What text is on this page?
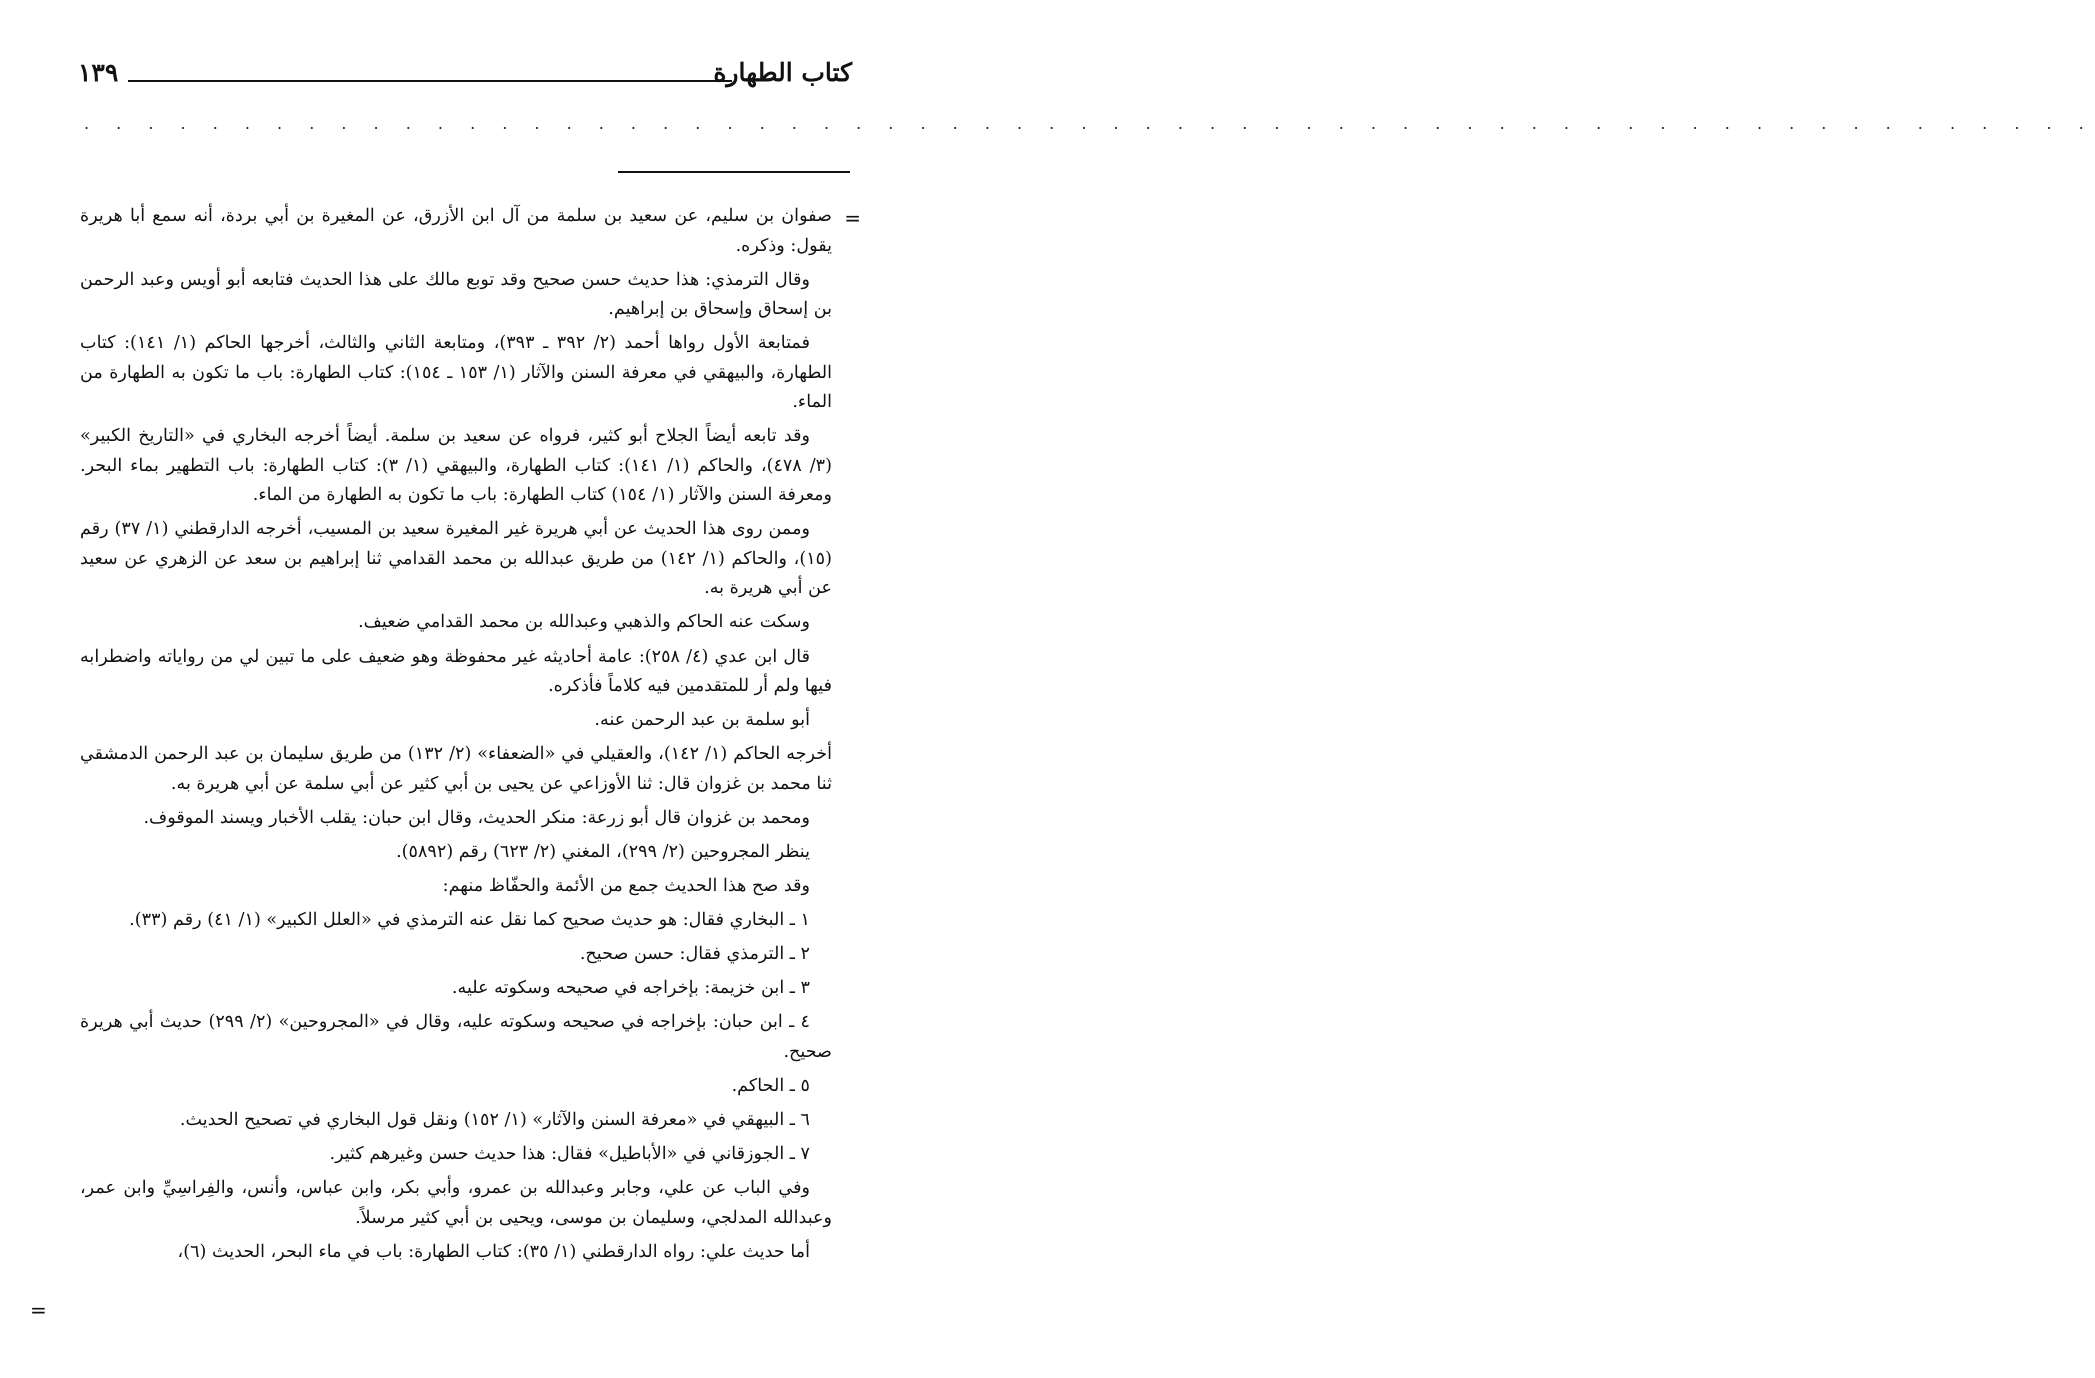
كتاب الطهارة
١٣٩
. . . . . . . . . . . . . . . . . . . . . . . . . . . . . . . . . . . . . . . . . . . . . . . . . . . . . . . . . . . . . . .
=
=

صفوان بن سليم، عن سعيد بن سلمة من آل ابن الأزرق، عن المغيرة بن أبي بردة، أنه سمع أبا هريرة يقول: وذكره.

وقال الترمذي: هذا حديث حسن صحيح وقد توبع مالك على هذا الحديث فتابعه أبو أويس وعبد الرحمن بن إسحاق وإسحاق بن إبراهيم.

فمتابعة الأول رواها أحمد (٢/ ٣٩٢ ـ ٣٩٣)، ومتابعة الثاني والثالث، أخرجها الحاكم (١/ ١٤١): كتاب الطهارة، والبيهقي في معرفة السنن والآثار (١/ ١٥٣ ـ ١٥٤): كتاب الطهارة: باب ما تكون به الطهارة من الماء.

وقد تابعه أيضاً الجلاح أبو كثير، فرواه عن سعيد بن سلمة. أيضاً أخرجه البخاري في «التاريخ الكبير» (٣/ ٤٧٨)، والحاكم (١/ ١٤١): كتاب الطهارة، والبيهقي (١/ ٣): كتاب الطهارة: باب التطهير بماء البحر. ومعرفة السنن والآثار (١/ ١٥٤) كتاب الطهارة: باب ما تكون به الطهارة من الماء.

وممن روى هذا الحديث عن أبي هريرة غير المغيرة سعيد بن المسيب، أخرجه الدارقطني (١/ ٣٧) رقم (١٥)، والحاكم (١/ ١٤٢) من طريق عبدالله بن محمد القدامي ثنا إبراهيم بن سعد عن الزهري عن سعيد عن أبي هريرة به.

وسكت عنه الحاكم والذهبي وعبدالله بن محمد القدامي ضعيف.

قال ابن عدي (٤/ ٢٥٨): عامة أحاديثه غير محفوظة وهو ضعيف على ما تبين لي من رواياته واضطرابه فيها ولم أر للمتقدمين فيه كلاماً فأذكره.

أبو سلمة بن عبد الرحمن عنه.

أخرجه الحاكم (١/ ١٤٢)، والعقيلي في «الضعفاء» (٢/ ١٣٢) من طريق سليمان بن عبد الرحمن الدمشقي ثنا محمد بن غزوان قال: ثنا الأوزاعي عن يحيى بن أبي كثير عن أبي سلمة عن أبي هريرة به.

ومحمد بن غزوان قال أبو زرعة: منكر الحديث، وقال ابن حبان: يقلب الأخبار ويسند الموقوف.

ينظر المجروحين (٢/ ٢٩٩)، المغني (٢/ ٦٢٣) رقم (٥٨٩٢).

وقد صح هذا الحديث جمع من الأئمة والحفّاظ منهم:

١ ـ البخاري فقال: هو حديث صحيح كما نقل عنه الترمذي في «العلل الكبير» (١/ ٤١) رقم (٣٣).

٢ ـ الترمذي فقال: حسن صحيح.

٣ ـ ابن خزيمة: بإخراجه في صحيحه وسكوته عليه.

٤ ـ ابن حبان: بإخراجه في صحيحه وسكوته عليه، وقال في «المجروحين» (٢/ ٢٩٩) حديث أبي هريرة صحيح.

٥ ـ الحاكم.

٦ ـ البيهقي في «معرفة السنن والآثار» (١/ ١٥٢) ونقل قول البخاري في تصحيح الحديث.

٧ ـ الجوزقاني في «الأباطيل» فقال: هذا حديث حسن وغيرهم كثير.

وفي الباب عن علي، وجابر وعبدالله بن عمرو، وأبي بكر، وابن عباس، وأنس، والفِراسِيِّ وابن عمر، وعبدالله المدلجي، وسليمان بن موسى، ويحيى بن أبي كثير مرسلاً.

أما حديث علي: رواه الدارقطني (١/ ٣٥): كتاب الطهارة: باب في ماء البحر، الحديث (٦)،
